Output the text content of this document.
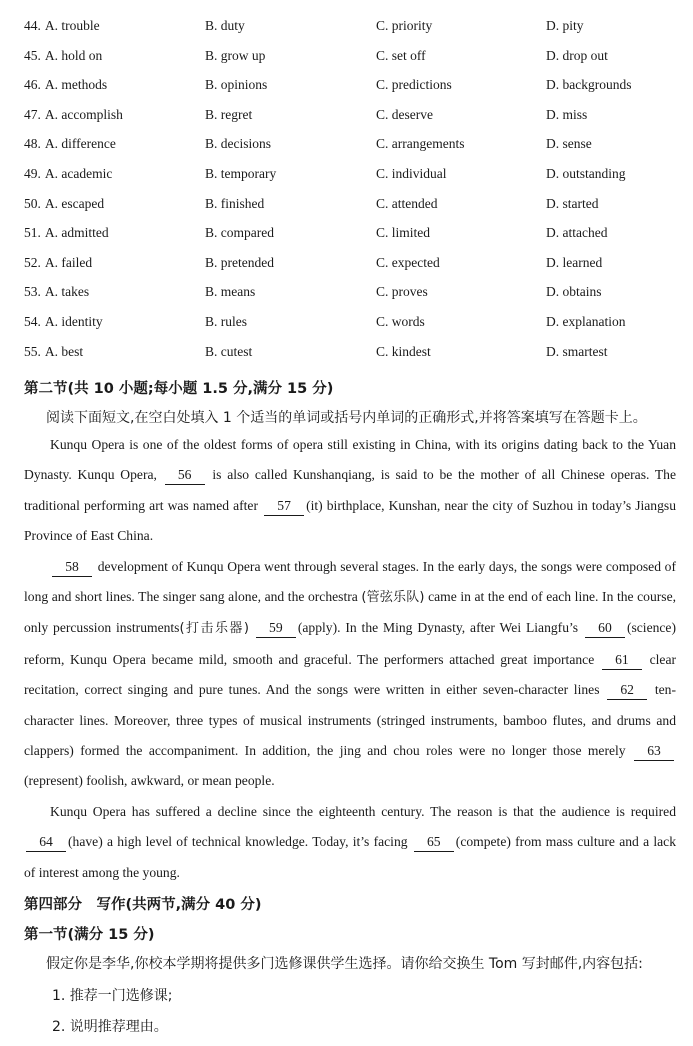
44. A. trouble	B. duty	C. priority	D. pity
45. A. hold on	B. grow up	C. set off	D. drop out
46. A. methods	B. opinions	C. predictions	D. backgrounds
47. A. accomplish	B. regret	C. deserve	D. miss
48. A. difference	B. decisions	C. arrangements	D. sense
49. A. academic	B. temporary	C. individual	D. outstanding
50. A. escaped	B. finished	C. attended	D. started
51. A. admitted	B. compared	C. limited	D. attached
52. A. failed	B. pretended	C. expected	D. learned
53. A. takes	B. means	C. proves	D. obtains
54. A. identity	B. rules	C. words	D. explanation
55. A. best	B. cutest	C. kindest	D. smartest
第二节(共 10 小题;每小题 1.5 分,满分 15 分)
阅读下面短文,在空白处填入 1 个适当的单词或括号内单词的正确形式,并将答案填写在答题卡上。

Kunqu Opera is one of the oldest forms of opera still existing in China, with its origins dating back to the Yuan Dynasty. Kunqu Opera, 56 is also called Kunshanqiang, is said to be the mother of all Chinese operas. The traditional performing art was named after 57 (it) birthplace, Kunshan, near the city of Suzhou in today’s Jiangsu Province of East China.

58 development of Kunqu Opera went through several stages. In the early days, the songs were composed of long and short lines. The singer sang alone, and the orchestra (管弦乐队) came in at the end of each line. In the course, only percussion instruments(打击乐器) 59 (apply). In the Ming Dynasty, after Wei Liangfu’s 60 (science) reform, Kunqu Opera became mild, smooth and graceful. The performers attached great importance 61 clear recitation, correct singing and pure tunes. And the songs were written in either seven-character lines 62 ten-character lines. Moreover, three types of musical instruments (stringed instruments, bamboo flutes, and drums and clappers) formed the accompaniment. In addition, the jing and chou roles were no longer those merely 63(represent) foolish, awkward, or mean people.

Kunqu Opera has suffered a decline since the eighteenth century. The reason is that the audience is required 64 (have) a high level of technical knowledge. Today, it’s facing 65 (compete) from mass culture and a lack of interest among the young.

第四部分　写作(共两节,满分 40 分)
第一节(满分 15 分)
假定你是李华,你校本学期将提供多门选修课供学生选择。请你给交换生 Tom 写封邮件,内容包括:
1. 推荐一门选修课;
2. 说明推荐理由。
